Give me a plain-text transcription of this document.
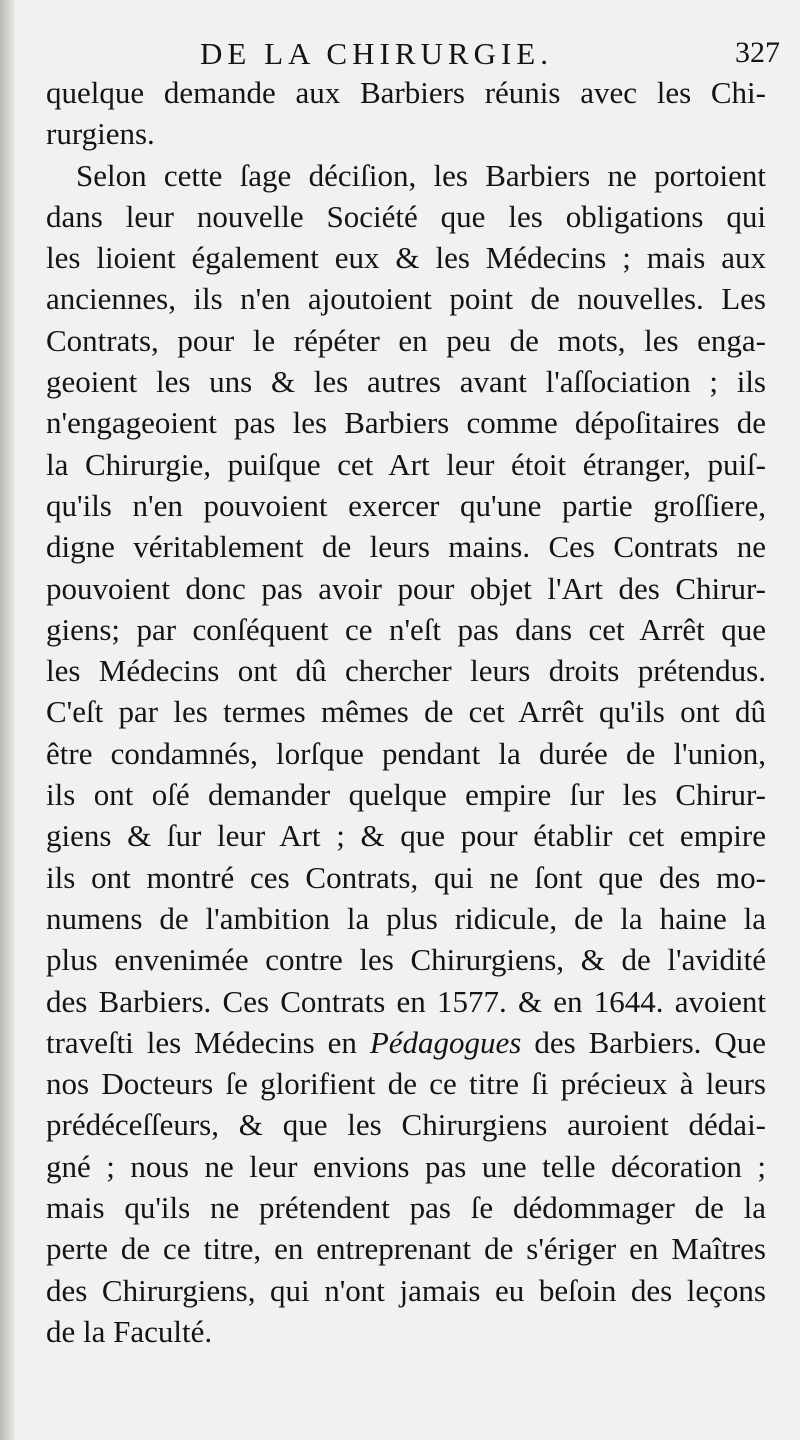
DE LA CHIRURGIE.	327
quelque demande aux Barbiers réunis avec les Chi-
rurgiens.
Selon cette ſage déciſion, les Barbiers ne portoient
dans leur nouvelle Société que les obligations qui
les lioient également eux & les Médecins ; mais aux
anciennes, ils n'en ajoutoient point de nouvelles. Les
Contrats, pour le répéter en peu de mots, les enga-
geoient les uns & les autres avant l'aſſociation ; ils
n'engageoient pas les Barbiers comme dépoſitaires de
la Chirurgie, puiſque cet Art leur étoit étranger, puiſ-
qu'ils n'en pouvoient exercer qu'une partie groſſiere,
digne véritablement de leurs mains. Ces Contrats ne
pouvoient donc pas avoir pour objet l'Art des Chirur-
giens; par conſéquent ce n'eſt pas dans cet Arrêt que
les Médecins ont dû chercher leurs droits prétendus.
C'eſt par les termes mêmes de cet Arrêt qu'ils ont dû
être condamnés, lorſque pendant la durée de l'union,
ils ont oſé demander quelque empire ſur les Chirur-
giens & ſur leur Art ; & que pour établir cet empire
ils ont montré ces Contrats, qui ne ſont que des mo-
numens de l'ambition la plus ridicule, de la haine la
plus envenimée contre les Chirurgiens, & de l'avidité
des Barbiers. Ces Contrats en 1577. & en 1644. avoient
traveſti les Médecins en Pédagogues des Barbiers. Que
nos Docteurs ſe glorifient de ce titre ſi précieux à leurs
prédéceſſeurs, & que les Chirurgiens auroient dédai-
gné ; nous ne leur envions pas une telle décoration ;
mais qu'ils ne prétendent pas ſe dédommager de la
perte de ce titre, en entreprenant de s'ériger en Maîtres
des Chirurgiens, qui n'ont jamais eu beſoin des leçons
de la Faculté.
